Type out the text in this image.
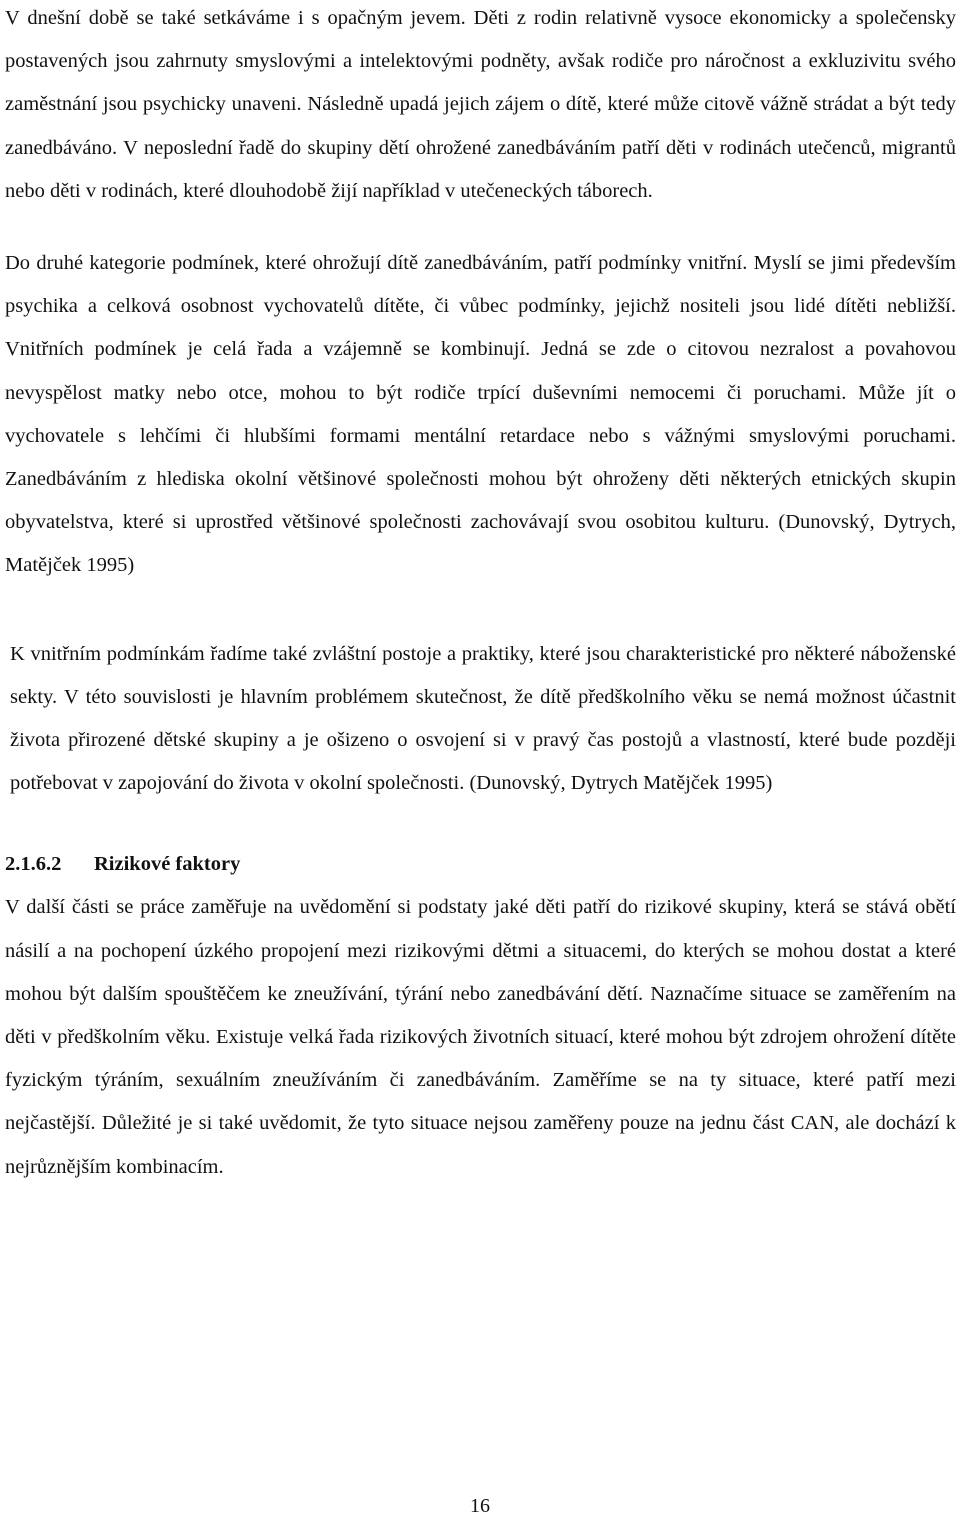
V dnešní době se také setkáváme i s opačným jevem. Děti z rodin relativně vysoce ekonomicky a společensky postavených jsou zahrnuty smyslovými a intelektovými podněty, avšak rodiče pro náročnost a exkluzivitu svého zaměstnání jsou psychicky unaveni. Následně upadá jejich zájem o dítě, které může citově vážně strádat a být tedy zanedbáváno. V neposlední řadě do skupiny dětí ohrožené zanedbáváním patří děti v rodinách utečenců, migrantů nebo děti v rodinách, které dlouhodobě žijí například v utečeneckých táborech.

Do druhé kategorie podmínek, které ohrožují dítě zanedbáváním, patří podmínky vnitřní. Myslí se jimi především psychika a celková osobnost vychovatelů dítěte, či vůbec podmínky, jejichž nositeli jsou lidé dítěti nebližší. Vnitřních podmínek je celá řada a vzájemně se kombinují. Jedná se zde o citovou nezralost a povahovou nevyspělost matky nebo otce, mohou to být rodiče trpící duševními nemocemi či poruchami. Může jít o vychovatele s lehčími či hlubšími formami mentální retardace nebo s vážnými smyslovými poruchami. Zanedbáváním z hlediska okolní většinové společnosti mohou být ohroženy děti některých etnických skupin obyvatelstva, které si uprostřed většinové společnosti zachovávají svou osobitou kulturu. (Dunovský, Dytrych, Matějček 1995)

K vnitřním podmínkám řadíme také zvláštní postoje a praktiky, které jsou charakteristické pro některé náboženské sekty. V této souvislosti je hlavním problémem skutečnost, že dítě předškolního věku se nemá možnost účastnit života přirozené dětské skupiny a je ošizeno o osvojení si v pravý čas postojů a vlastností, které bude později potřebovat v zapojování do života v okolní společnosti. (Dunovský, Dytrych Matějček 1995)

2.1.6.2 Rizikové faktory

V další části se práce zaměřuje na uvědomění si podstaty jaké děti patří do rizikové skupiny, která se stává obětí násilí a na pochopení úzkého propojení mezi rizikovými dětmi a situacemi, do kterých se mohou dostat a které mohou být dalším spouštěčem ke zneužívání, týrání nebo zanedbávání dětí. Naznačíme situace se zaměřením na děti v předškolním věku. Existuje velká řada rizikových životních situací, které mohou být zdrojem ohrožení dítěte fyzickým týráním, sexuálním zneužíváním či zanedbáváním. Zaměříme se na ty situace, které patří mezi nejčastější. Důležité je si také uvědomit, že tyto situace nejsou zaměřeny pouze na jednu část CAN, ale dochází k nejrůznějším kombinacím.

16
